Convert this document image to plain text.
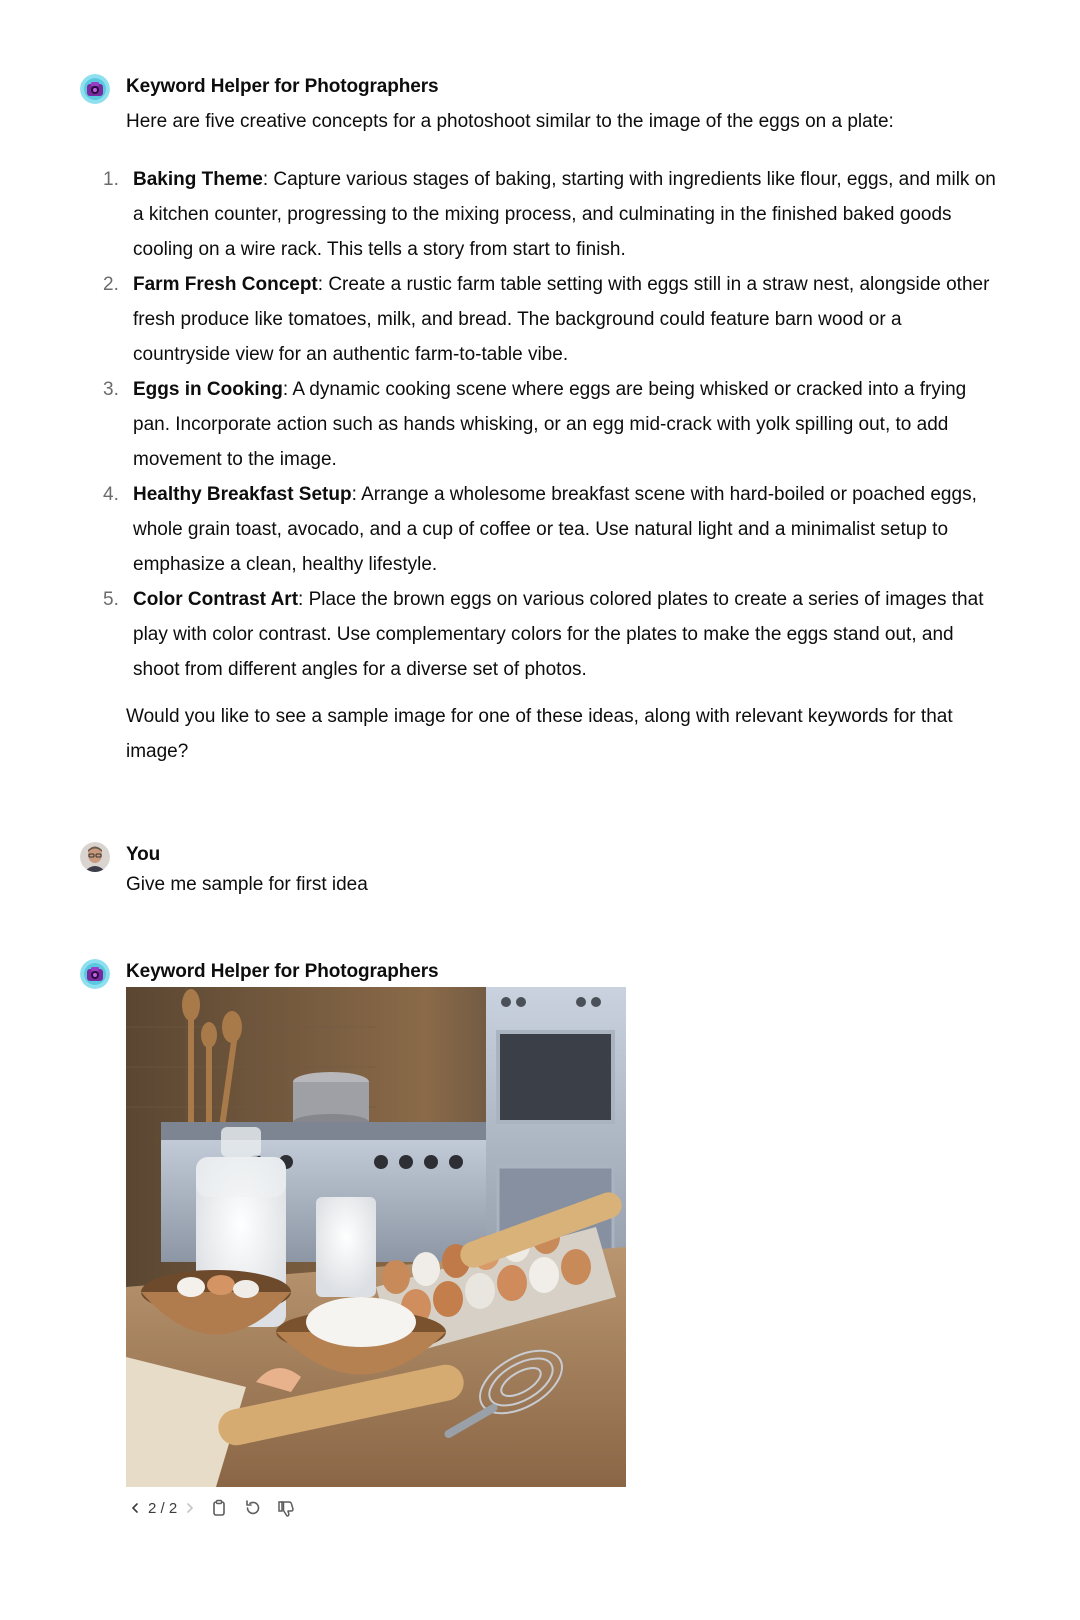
Keyword Helper for Photographers
Here are five creative concepts for a photoshoot similar to the image of the eggs on a plate:
1. Baking Theme: Capture various stages of baking, starting with ingredients like flour, eggs, and milk on a kitchen counter, progressing to the mixing process, and culminating in the finished baked goods cooling on a wire rack. This tells a story from start to finish.
2. Farm Fresh Concept: Create a rustic farm table setting with eggs still in a straw nest, alongside other fresh produce like tomatoes, milk, and bread. The background could feature barn wood or a countryside view for an authentic farm-to-table vibe.
3. Eggs in Cooking: A dynamic cooking scene where eggs are being whisked or cracked into a frying pan. Incorporate action such as hands whisking, or an egg mid-crack with yolk spilling out, to add movement to the image.
4. Healthy Breakfast Setup: Arrange a wholesome breakfast scene with hard-boiled or poached eggs, whole grain toast, avocado, and a cup of coffee or tea. Use natural light and a minimalist setup to emphasize a clean, healthy lifestyle.
5. Color Contrast Art: Place the brown eggs on various colored plates to create a series of images that play with color contrast. Use complementary colors for the plates to make the eggs stand out, and shoot from different angles for a diverse set of photos.
Would you like to see a sample image for one of these ideas, along with relevant keywords for that image?
You
Give me sample for first idea
Keyword Helper for Photographers
2 / 2
